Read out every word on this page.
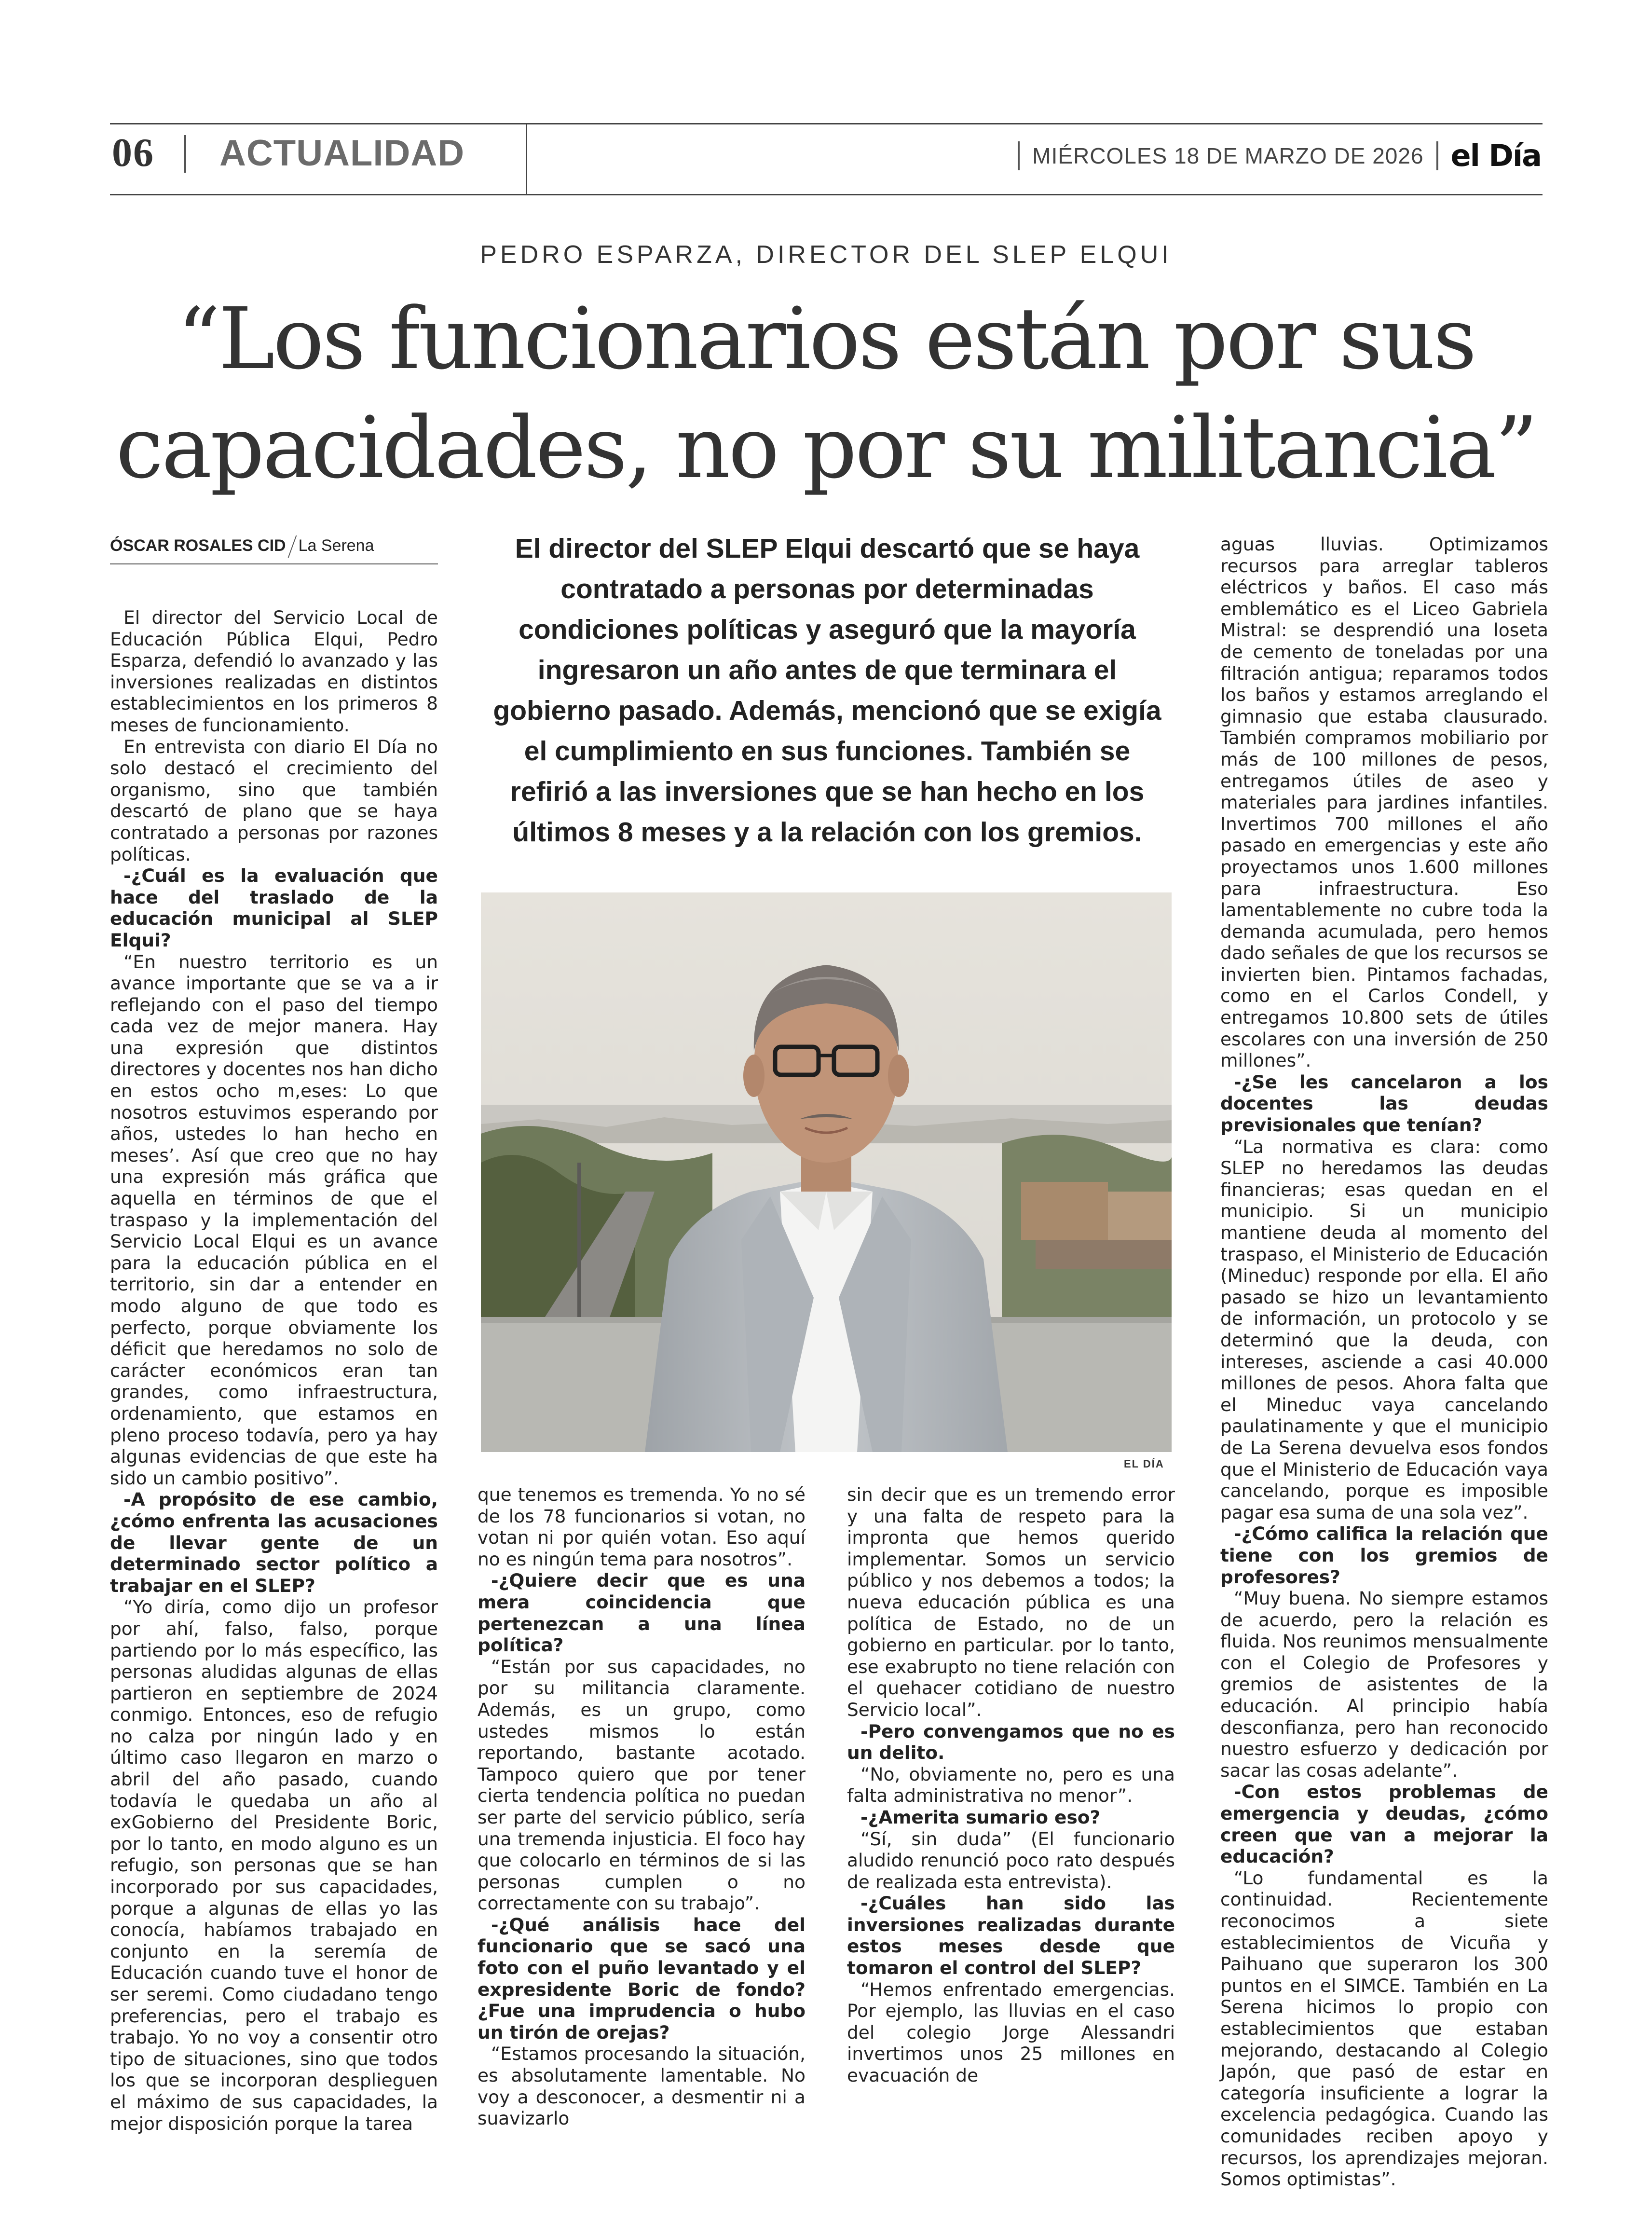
06 ACTUALIDAD	MIÉRCOLES 18 DE MARZO DE 2026 el Día
PEDRO ESPARZA, DIRECTOR DEL SLEP ELQUI
“Los funcionarios están por sus capacidades, no por su militancia”
ÓSCAR ROSALES CID La Serena	El director del SLEP Elqui descartó que se haya contratado a personas por determinadas condiciones políticas y aseguró que la mayoría ingresaron un año antes de que terminara el gobierno pasado. Además, mencionó que se exigía el cumplimiento en sus funciones. También se refirió a las inversiones que se han hecho en los últimos 8 meses y a la relación con los gremios.
EL DÍA

El director del Servicio Local de Educación Pública Elqui, Pedro Esparza, defendió lo avanzado y las inversiones realizadas en distintos establecimientos en los primeros 8 meses de funcionamiento.

En entrevista con diario El Día no solo destacó el crecimiento del organismo, sino que también descartó de plano que se haya contratado a personas por razones políticas.

-¿Cuál es la evaluación que hace del traslado de la educación municipal al SLEP Elqui?

“En nuestro territorio es un avance importante que se va a ir reflejando con el paso del tiempo cada vez de mejor manera. Hay una expresión que distintos directores y docentes nos han dicho en estos ocho m,eses: Lo que nosotros estuvimos esperando por años, ustedes lo han hecho en meses’. Así que creo que no hay una expresión más gráfica que aquella en términos de que el traspaso y la implementación del Servicio Local Elqui es un avance para la educación pública en el territorio, sin dar a entender en modo alguno de que todo es perfecto, porque obviamente los déficit que heredamos no solo de carácter económicos eran tan grandes, como infraestructura, ordenamiento, que estamos en pleno proceso todavía, pero ya hay algunas evidencias de que este ha sido un cambio positivo”.

-A propósito de ese cambio, ¿cómo enfrenta las acusaciones de llevar gente de un determinado sector político a trabajar en el SLEP?

“Yo diría, como dijo un profesor por ahí, falso, falso, porque partiendo por lo más específico, las personas aludidas algunas de ellas partieron en septiembre de 2024 conmigo. Entonces, eso de refugio no calza por ningún lado y en último caso llegaron en marzo o abril del año pasado, cuando todavía le quedaba un año al exGobierno del Presidente Boric, por lo tanto, en modo alguno es un refugio, son personas que se han incorporado por sus capacidades, porque a algunas de ellas yo las conocía, habíamos trabajado en conjunto en la seremía de Educación cuando tuve el honor de ser seremi. Como ciudadano tengo preferencias, pero el trabajo es trabajo. Yo no voy a consentir otro tipo de situaciones, sino que todos los que se incorporan desplieguen el máximo de sus capacidades, la mejor disposición porque la tarea

que tenemos es tremenda. Yo no sé de los 78 funcionarios si votan, no votan ni por quién votan. Eso aquí no es ningún tema para nosotros”.

-¿Quiere decir que es una mera coincidencia que pertenezcan a una línea política?

“Están por sus capacidades, no por su militancia claramente. Además, es un grupo, como ustedes mismos lo están reportando, bastante acotado. Tampoco quiero que por tener cierta tendencia política no puedan ser parte del servicio público, sería una tremenda injusticia. El foco hay que colocarlo en términos de si las personas cumplen o no correctamente con su trabajo”.

-¿Qué análisis hace del funcionario que se sacó una foto con el puño levantado y el expresidente Boric de fondo? ¿Fue una imprudencia o hubo un tirón de orejas?

“Estamos procesando la situación, es absolutamente lamentable. No voy a desconocer, a desmentir ni a suavizarlo

sin decir que es un tremendo error y una falta de respeto para la impronta que hemos querido implementar. Somos un servicio público y nos debemos a todos; la nueva educación pública es una política de Estado, no de un gobierno en particular. por lo tanto, ese exabrupto no tiene relación con el quehacer cotidiano de nuestro Servicio local”.

-Pero convengamos que no es un delito.

“No, obviamente no, pero es una falta administrativa no menor”.

-¿Amerita sumario eso?

“Sí, sin duda” (El funcionario aludido renunció poco rato después de realizada esta entrevista).

-¿Cuáles han sido las inversiones realizadas durante estos meses desde que tomaron el control del SLEP?

“Hemos enfrentado emergencias. Por ejemplo, las lluvias en el caso del colegio Jorge Alessandri invertimos unos 25 millones en evacuación de

aguas lluvias. Optimizamos recursos para arreglar tableros eléctricos y baños. El caso más emblemático es el Liceo Gabriela Mistral: se desprendió una loseta de cemento de toneladas por una filtración antigua; reparamos todos los baños y estamos arreglando el gimnasio que estaba clausurado. También compramos mobiliario por más de 100 millones de pesos, entregamos útiles de aseo y materiales para jardines infantiles. Invertimos 700 millones el año pasado en emergencias y este año proyectamos unos 1.600 millones para infraestructura. Eso lamentablemente no cubre toda la demanda acumulada, pero hemos dado señales de que los recursos se invierten bien. Pintamos fachadas, como en el Carlos Condell, y entregamos 10.800 sets de útiles escolares con una inversión de 250 millones”.

-¿Se les cancelaron a los docentes las deudas previsionales que tenían?

“La normativa es clara: como SLEP no heredamos las deudas financieras; esas quedan en el municipio. Si un municipio mantiene deuda al momento del traspaso, el Ministerio de Educación (Mineduc) responde por ella. El año pasado se hizo un levantamiento de información, un protocolo y se determinó que la deuda, con intereses, asciende a casi 40.000 millones de pesos. Ahora falta que el Mineduc vaya cancelando paulatinamente y que el municipio de La Serena devuelva esos fondos que el Ministerio de Educación vaya cancelando, porque es imposible pagar esa suma de una sola vez”.

-¿Cómo califica la relación que tiene con los gremios de profesores?

“Muy buena. No siempre estamos de acuerdo, pero la relación es fluida. Nos reunimos mensualmente con el Colegio de Profesores y gremios de asistentes de la educación. Al principio había desconfianza, pero han reconocido nuestro esfuerzo y dedicación por sacar las cosas adelante”.

-Con estos problemas de emergencia y deudas, ¿cómo creen que van a mejorar la educación?

“Lo fundamental es la continuidad. Recientemente reconocimos a siete establecimientos de Vicuña y Paihuano que superaron los 300 puntos en el SIMCE. También en La Serena hicimos lo propio con establecimientos que estaban mejorando, destacando al Colegio Japón, que pasó de estar en categoría insuficiente a lograr la excelencia pedagógica. Cuando las comunidades reciben apoyo y recursos, los aprendizajes mejoran. Somos optimistas”.
